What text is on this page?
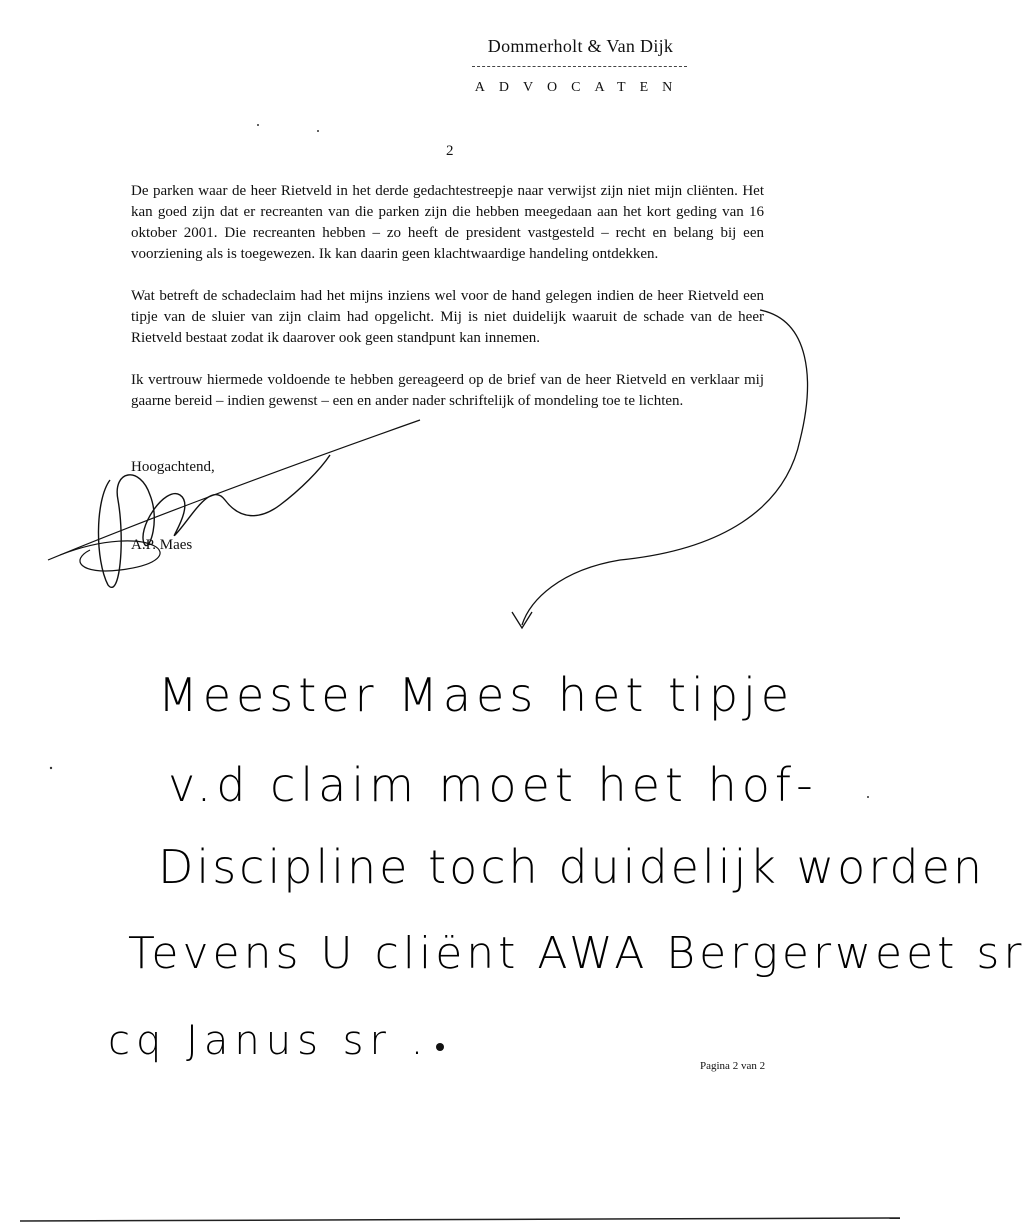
Dommerholt & Van Dijk
ADVOCATEN
2

De parken waar de heer Rietveld in het derde gedachtestreepje naar verwijst zijn niet mijn cliënten. Het kan goed zijn dat er recreanten van die parken zijn die hebben meegedaan aan het kort geding van 16 oktober 2001. Die recreanten hebben – zo heeft de president vastgesteld – recht en belang bij een voorziening als is toegewezen. Ik kan daarin geen klachtwaardige handeling ontdekken.

Wat betreft de schadeclaim had het mijns inziens wel voor de hand gelegen indien de heer Rietveld een tipje van de sluier van zijn claim had opgelicht. Mij is niet duidelijk waaruit de schade van de heer Rietveld bestaat zodat ik daarover ook geen standpunt kan innemen.

Ik vertrouw hiermede voldoende te hebben gereageerd op de brief van de heer Rietveld en verklaar mij gaarne bereid – indien gewenst – een en ander nader schriftelijk of mondeling toe te lichten.

Hoogachtend,
A.P. Maes
Meester Maes het tipje
v.d claim moet het hof-
Discipline toch duidelijk worden
Tevens U cliënt AWA Bergerweet sr
cq Janus sr .
Pagina 2 van 2
